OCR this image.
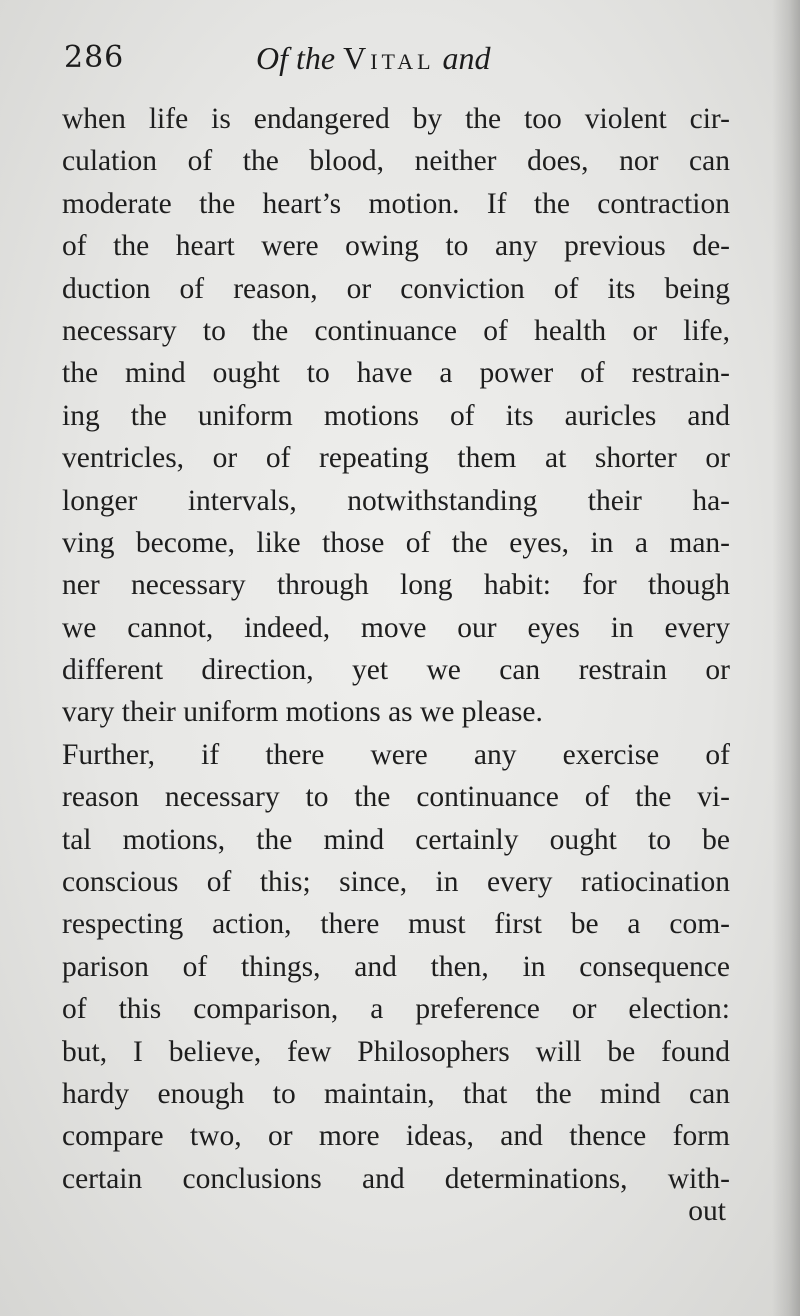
286	Of the Vital and
when life is endangered by the too violent cir-
culation of the blood, neither does, nor can
moderate the heart’s motion. If the contraction
of the heart were owing to any previous de-
duction of reason, or conviction of its being
necessary to the continuance of health or life,
the mind ought to have a power of restrain-
ing the uniform motions of its auricles and
ventricles, or of repeating them at shorter or
longer intervals, notwithstanding their ha-
ving become, like those of the eyes, in a man-
ner necessary through long habit: for though
we cannot, indeed, move our eyes in every
different direction, yet we can restrain or
vary their uniform motions as we please.
Further, if there were any exercise of
reason necessary to the continuance of the vi-
tal motions, the mind certainly ought to be
conscious of this; since, in every ratiocination
respecting action, there must first be a com-
parison of things, and then, in consequence
of this comparison, a preference or election:
but, I believe, few Philosophers will be found
hardy enough to maintain, that the mind can
compare two, or more ideas, and thence form
certain conclusions and determinations, with-
out
